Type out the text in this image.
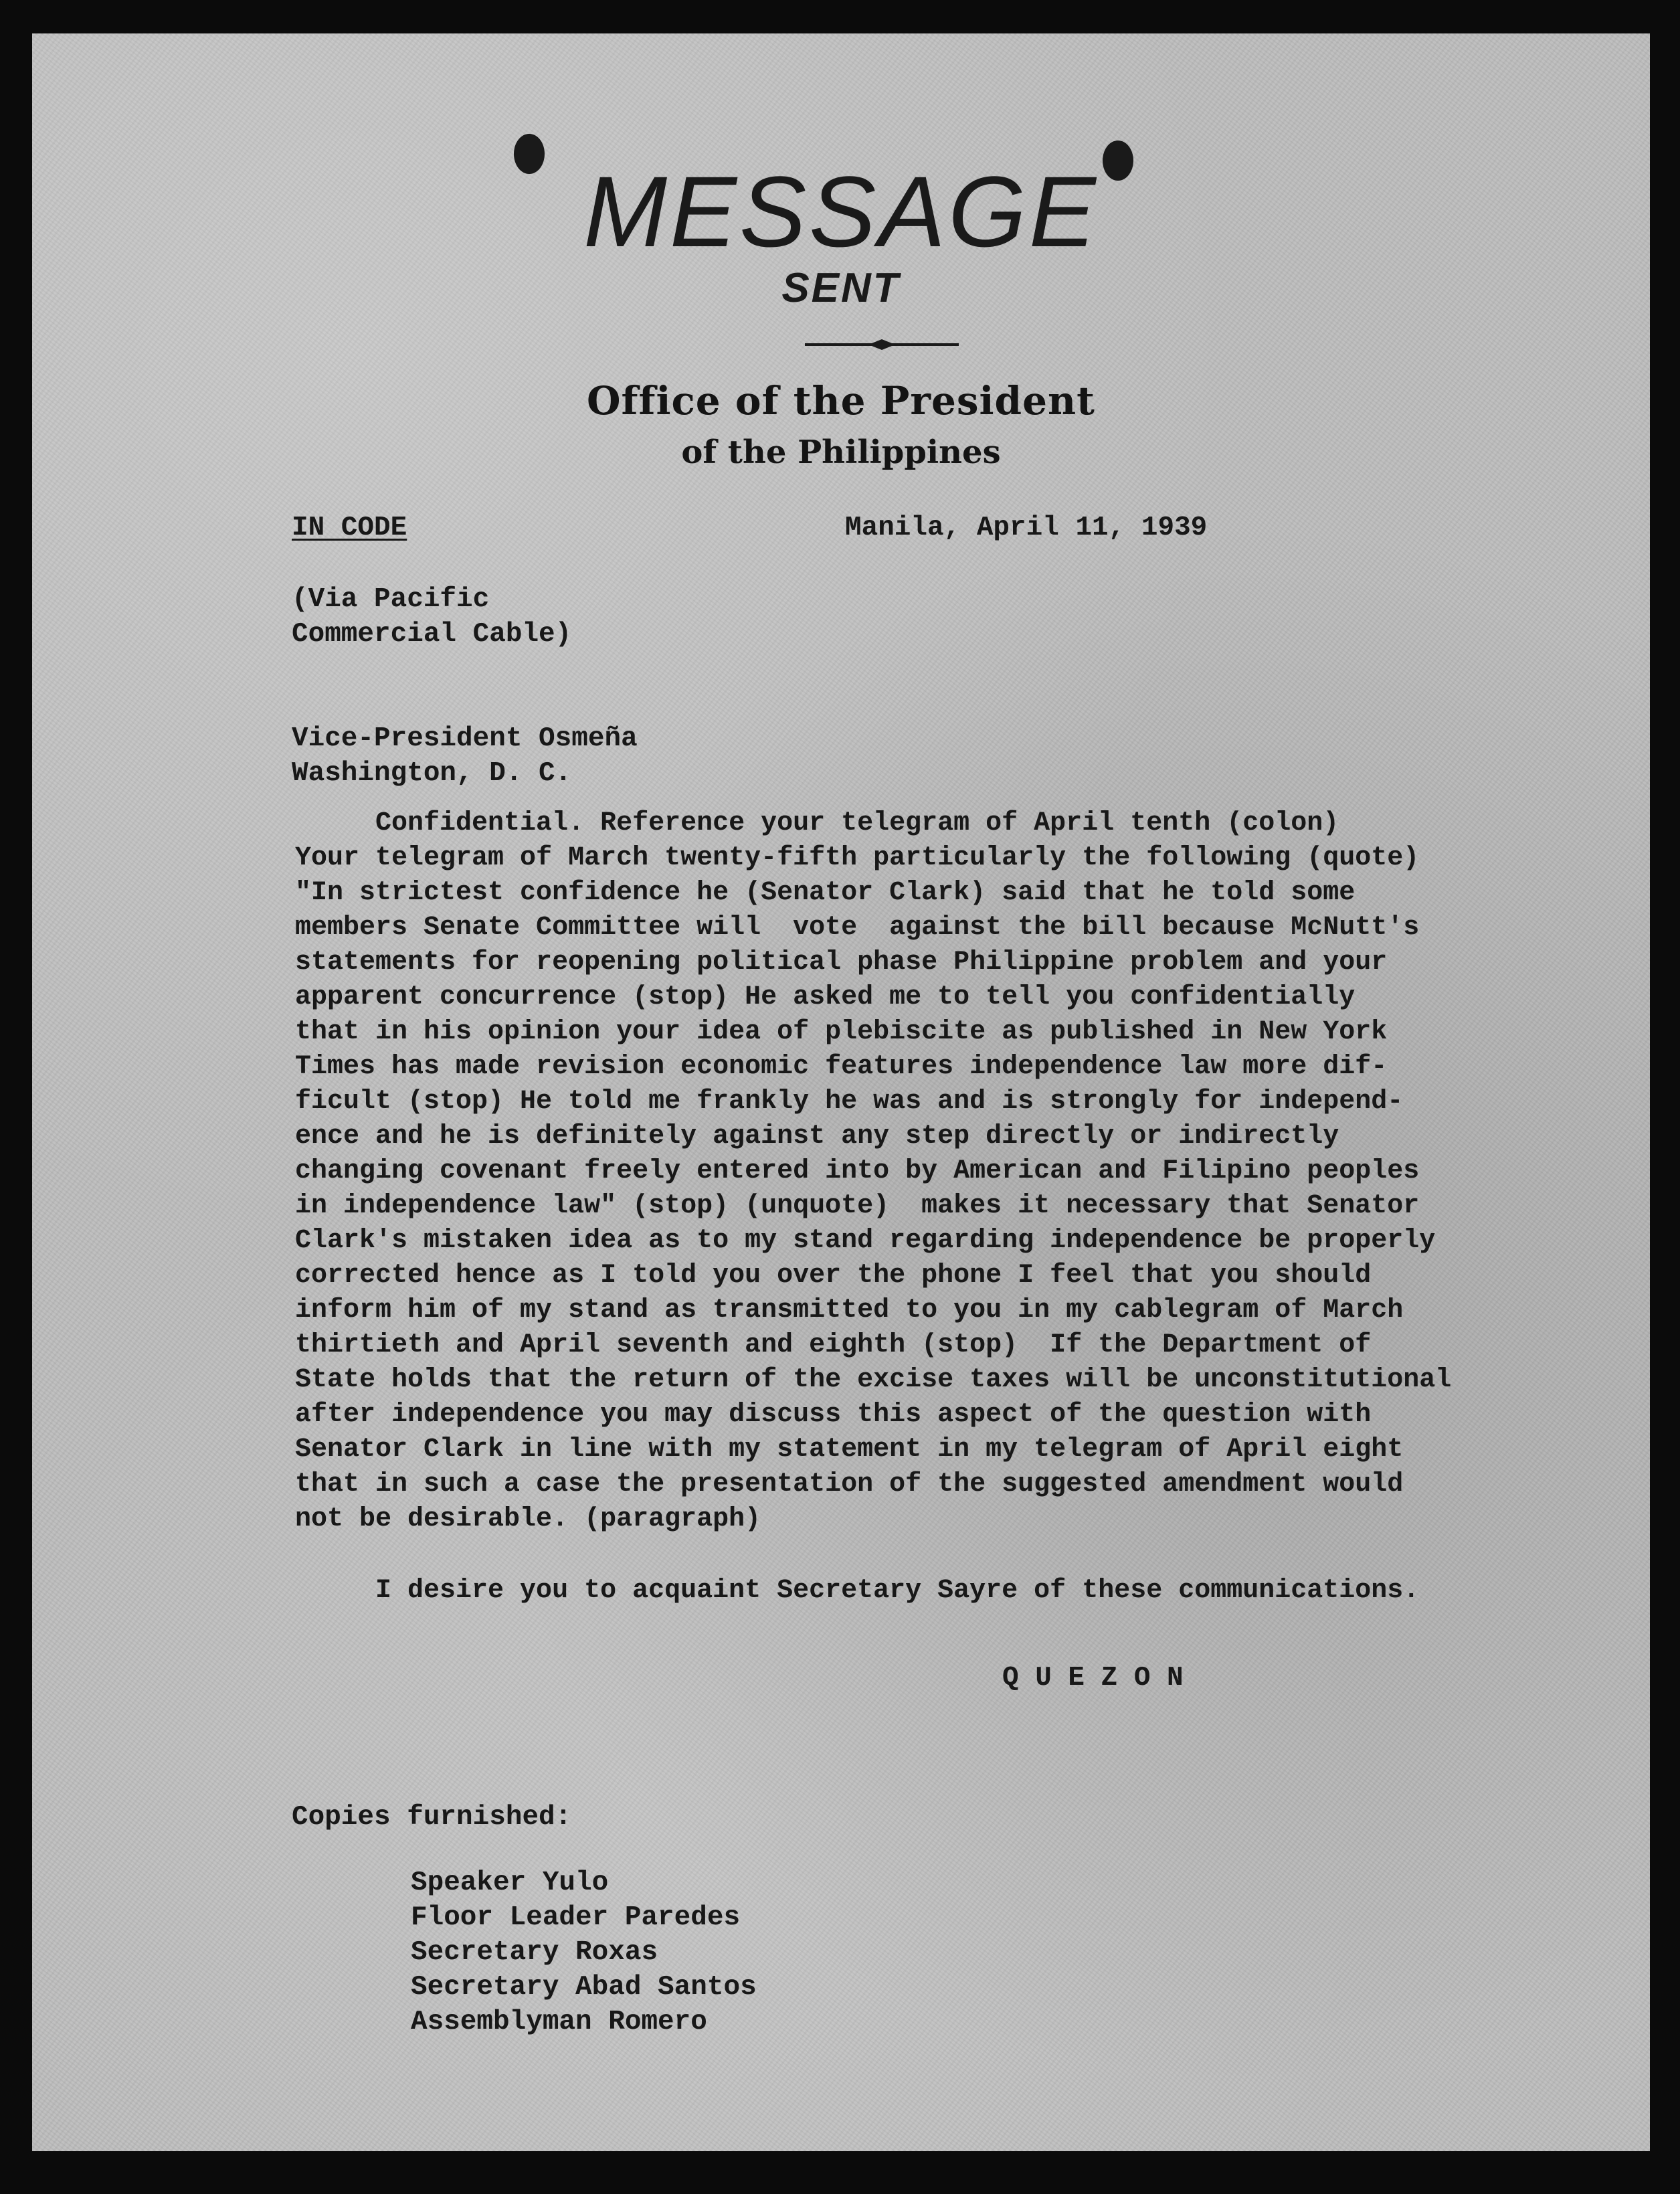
MESSAGE
SENT
Office of the President
of the Philippines
IN CODE	Manila, April 11, 1939
(Via Pacific
Commercial Cable)
Vice-President Osmeña
Washington, D. C.
Confidential. Reference your telegram of April tenth (colon)
Your telegram of March twenty-fifth particularly the following (quote)
"In strictest confidence he (Senator Clark) said that he told some
members Senate Committee will  vote  against the bill because McNutt's
statements for reopening political phase Philippine problem and your
apparent concurrence (stop) He asked me to tell you confidentially
that in his opinion your idea of plebiscite as published in New York
Times has made revision economic features independence law more dif-
ficult (stop) He told me frankly he was and is strongly for independ-
ence and he is definitely against any step directly or indirectly
changing covenant freely entered into by American and Filipino peoples
in independence law" (stop) (unquote)  makes it necessary that Senator
Clark's mistaken idea as to my stand regarding independence be properly
corrected hence as I told you over the phone I feel that you should
inform him of my stand as transmitted to you in my cablegram of March
thirtieth and April seventh and eighth (stop)  If the Department of
State holds that the return of the excise taxes will be unconstitutional
after independence you may discuss this aspect of the question with
Senator Clark in line with my statement in my telegram of April eight
that in such a case the presentation of the suggested amendment would
not be desirable. (paragraph)
I desire you to acquaint Secretary Sayre of these communications.
Q U E Z O N
Copies furnished:
Speaker Yulo
Floor Leader Paredes
Secretary Roxas
Secretary Abad Santos
Assemblyman Romero
